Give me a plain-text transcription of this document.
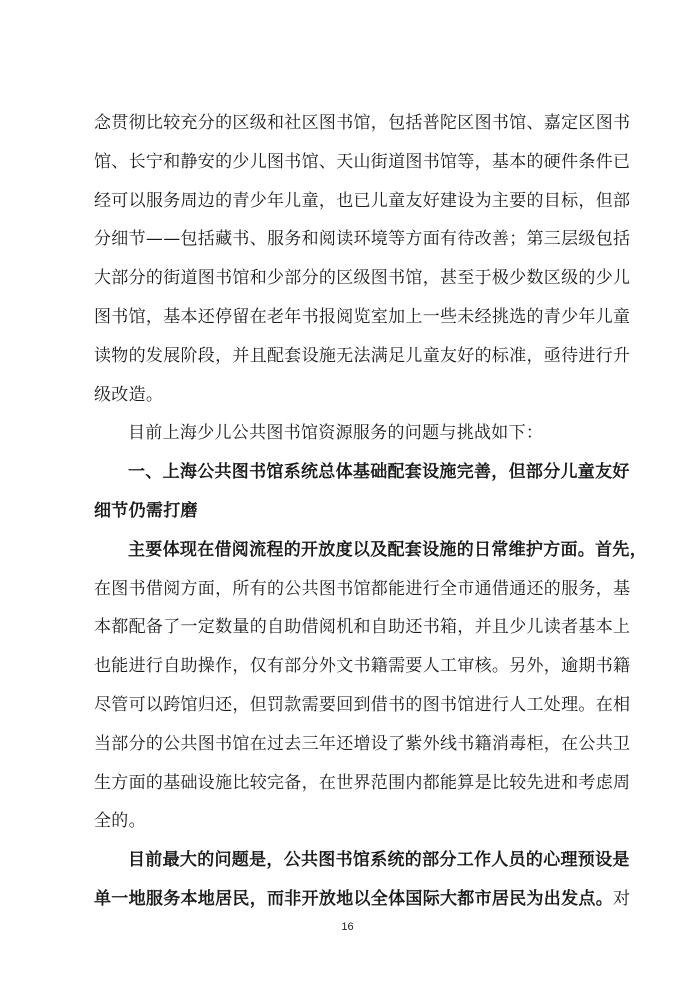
念贯彻比较充分的区级和社区图书馆，包括普陀区图书馆、嘉定区图书
馆、长宁和静安的少儿图书馆、天山街道图书馆等，基本的硬件条件已
经可以服务周边的青少年儿童，也已儿童友好建设为主要的目标，但部
分细节——包括藏书、服务和阅读环境等方面有待改善；第三层级包括
大部分的街道图书馆和少部分的区级图书馆，甚至于极少数区级的少儿
图书馆，基本还停留在老年书报阅览室加上一些未经挑选的青少年儿童
读物的发展阶段，并且配套设施无法满足儿童友好的标准，亟待进行升
级改造。
目前上海少儿公共图书馆资源服务的问题与挑战如下：
一、上海公共图书馆系统总体基础配套设施完善，但部分儿童友好
细节仍需打磨
主要体现在借阅流程的开放度以及配套设施的日常维护方面。首先，
在图书借阅方面，所有的公共图书馆都能进行全市通借通还的服务，基
本都配备了一定数量的自助借阅机和自助还书箱，并且少儿读者基本上
也能进行自助操作，仅有部分外文书籍需要人工审核。另外，逾期书籍
尽管可以跨馆归还，但罚款需要回到借书的图书馆进行人工处理。在相
当部分的公共图书馆在过去三年还增设了紫外线书籍消毒柜，在公共卫
生方面的基础设施比较完备，在世界范围内都能算是比较先进和考虑周
全的。
目前最大的问题是，公共图书馆系统的部分工作人员的心理预设是
单一地服务本地居民，而非开放地以全体国际大都市居民为出发点。对
16
